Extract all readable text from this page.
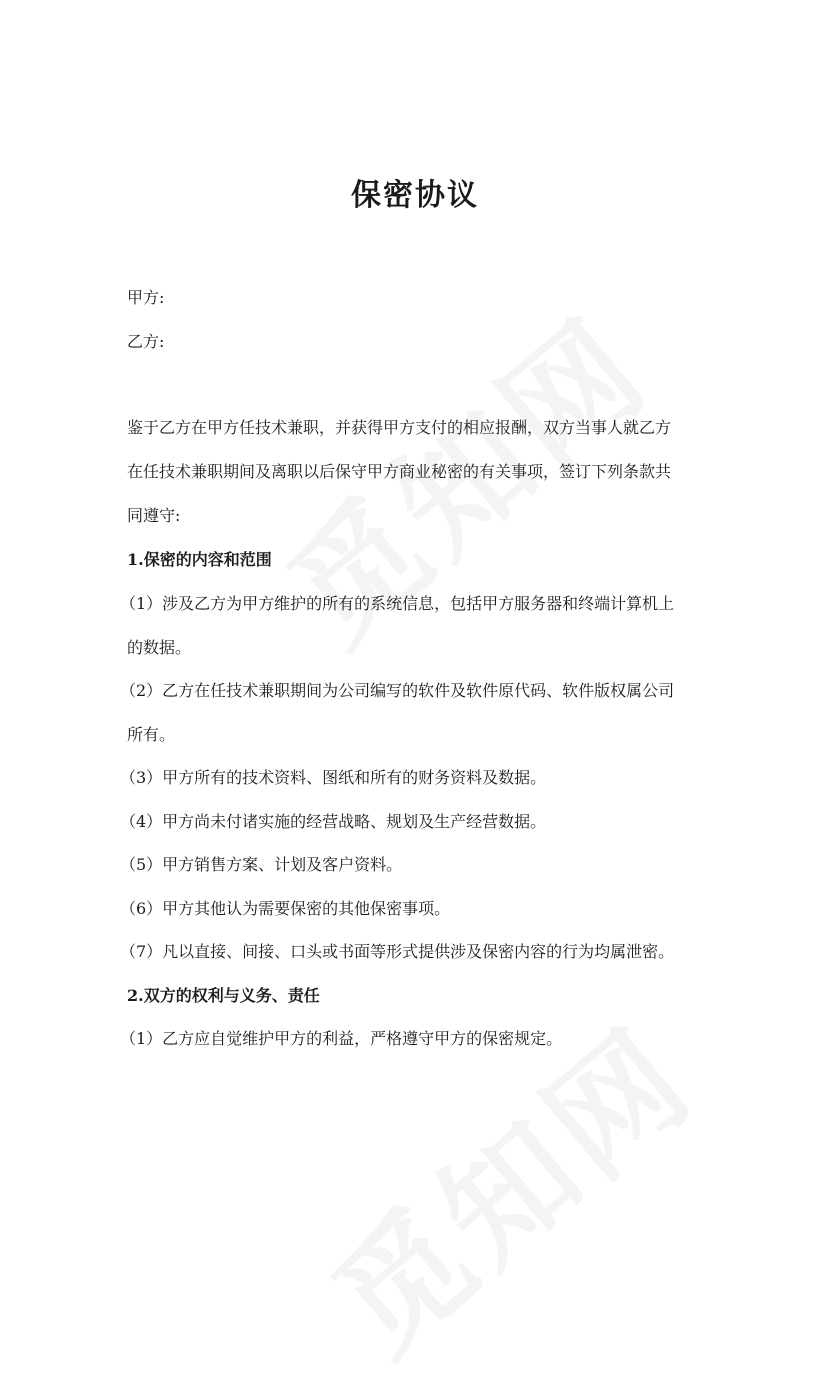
保密协议
甲方:
乙方:
鉴于乙方在甲方任技术兼职，并获得甲方支付的相应报酬，双方当事人就乙方
在任技术兼职期间及离职以后保守甲方商业秘密的有关事项，签订下列条款共
同遵守:
1.保密的内容和范围
（1）涉及乙方为甲方维护的所有的系统信息，包括甲方服务器和终端计算机上
的数据。
（2）乙方在任技术兼职期间为公司编写的软件及软件原代码、软件版权属公司
所有。
（3）甲方所有的技术资料、图纸和所有的财务资料及数据。
（4）甲方尚未付诸实施的经营战略、规划及生产经营数据。
（5）甲方销售方案、计划及客户资料。
（6）甲方其他认为需要保密的其他保密事项。
（7）凡以直接、间接、口头或书面等形式提供涉及保密内容的行为均属泄密。
2.双方的权利与义务、责任
（1）乙方应自觉维护甲方的利益，严格遵守甲方的保密规定。
